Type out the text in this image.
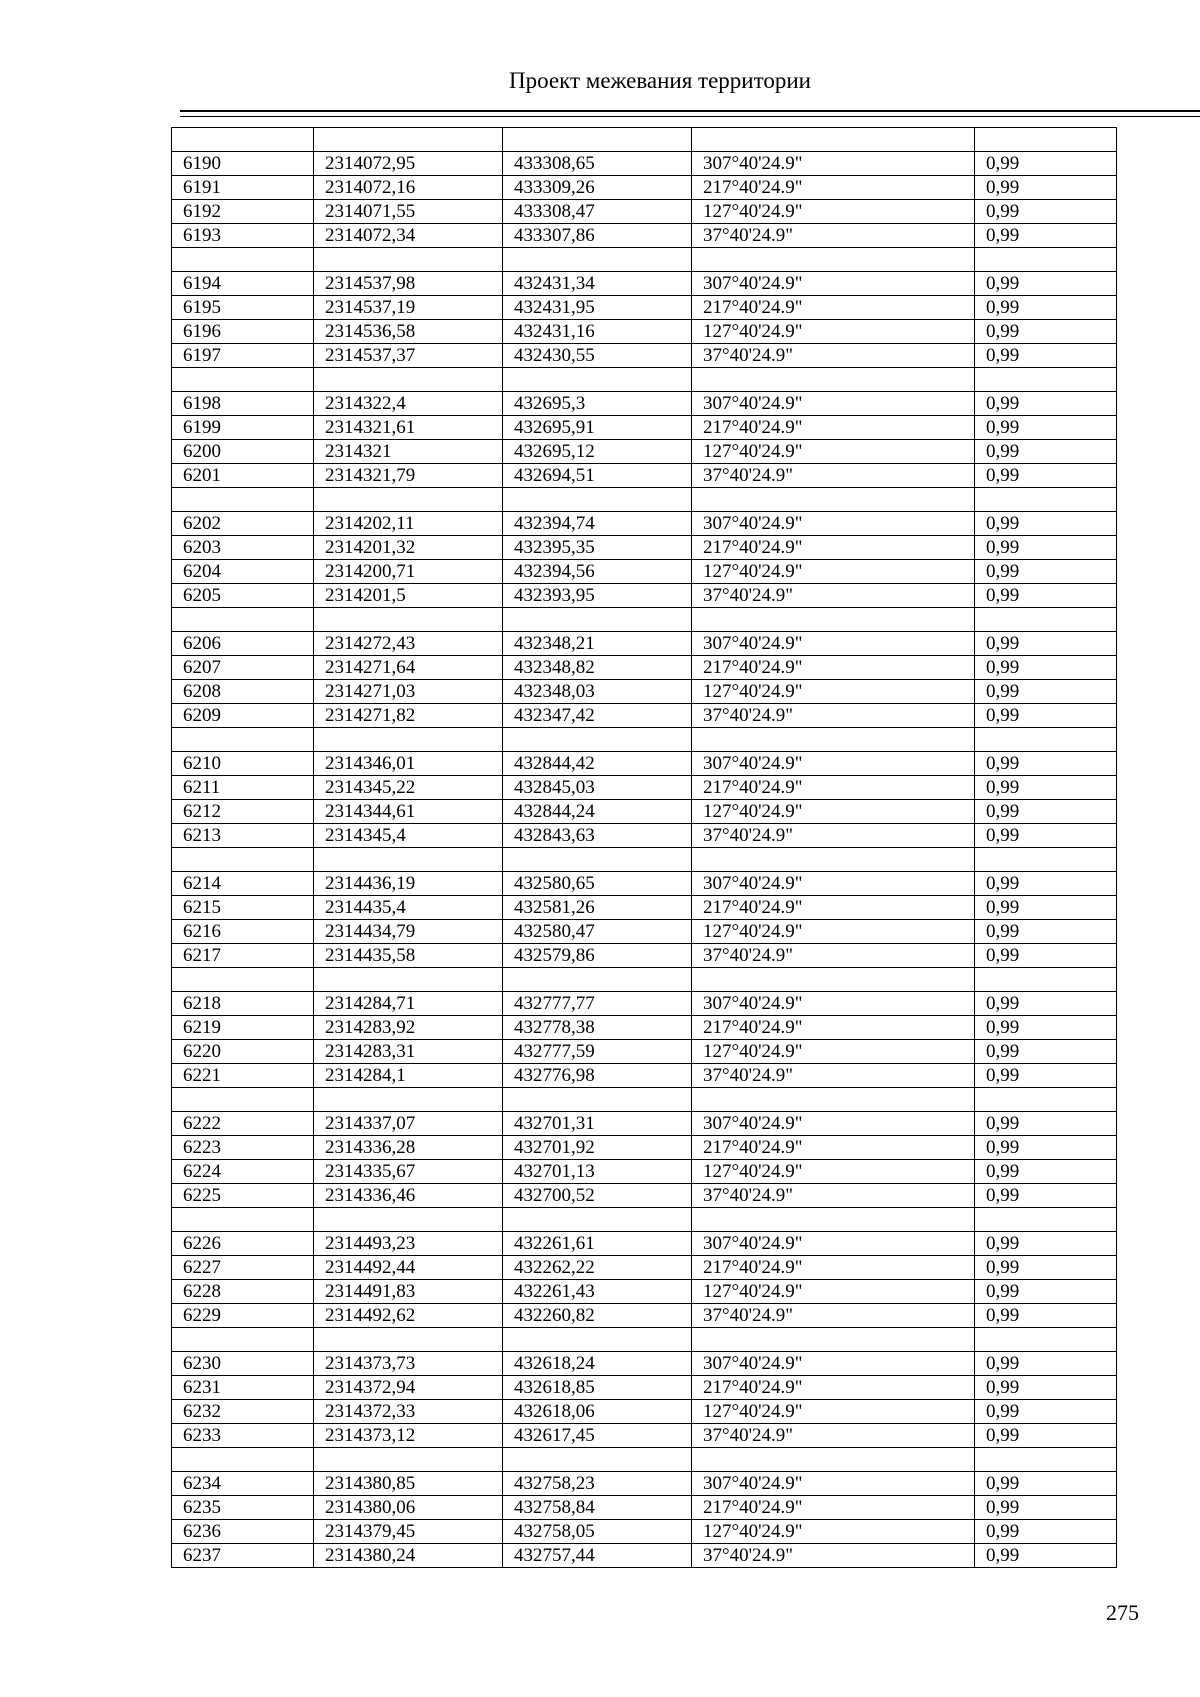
Проект межевания территории

6190	2314072,95	433308,65	307°40'24.9"	0,99
6191	2314072,16	433309,26	217°40'24.9"	0,99
6192	2314071,55	433308,47	127°40'24.9"	0,99
6193	2314072,34	433307,86	37°40'24.9"	0,99

6194	2314537,98	432431,34	307°40'24.9"	0,99
6195	2314537,19	432431,95	217°40'24.9"	0,99
6196	2314536,58	432431,16	127°40'24.9"	0,99
6197	2314537,37	432430,55	37°40'24.9"	0,99

6198	2314322,4	432695,3	307°40'24.9"	0,99
6199	2314321,61	432695,91	217°40'24.9"	0,99
6200	2314321	432695,12	127°40'24.9"	0,99
6201	2314321,79	432694,51	37°40'24.9"	0,99

6202	2314202,11	432394,74	307°40'24.9"	0,99
6203	2314201,32	432395,35	217°40'24.9"	0,99
6204	2314200,71	432394,56	127°40'24.9"	0,99
6205	2314201,5	432393,95	37°40'24.9"	0,99

6206	2314272,43	432348,21	307°40'24.9"	0,99
6207	2314271,64	432348,82	217°40'24.9"	0,99
6208	2314271,03	432348,03	127°40'24.9"	0,99
6209	2314271,82	432347,42	37°40'24.9"	0,99

6210	2314346,01	432844,42	307°40'24.9"	0,99
6211	2314345,22	432845,03	217°40'24.9"	0,99
6212	2314344,61	432844,24	127°40'24.9"	0,99
6213	2314345,4	432843,63	37°40'24.9"	0,99

6214	2314436,19	432580,65	307°40'24.9"	0,99
6215	2314435,4	432581,26	217°40'24.9"	0,99
6216	2314434,79	432580,47	127°40'24.9"	0,99
6217	2314435,58	432579,86	37°40'24.9"	0,99

6218	2314284,71	432777,77	307°40'24.9"	0,99
6219	2314283,92	432778,38	217°40'24.9"	0,99
6220	2314283,31	432777,59	127°40'24.9"	0,99
6221	2314284,1	432776,98	37°40'24.9"	0,99

6222	2314337,07	432701,31	307°40'24.9"	0,99
6223	2314336,28	432701,92	217°40'24.9"	0,99
6224	2314335,67	432701,13	127°40'24.9"	0,99
6225	2314336,46	432700,52	37°40'24.9"	0,99

6226	2314493,23	432261,61	307°40'24.9"	0,99
6227	2314492,44	432262,22	217°40'24.9"	0,99
6228	2314491,83	432261,43	127°40'24.9"	0,99
6229	2314492,62	432260,82	37°40'24.9"	0,99

6230	2314373,73	432618,24	307°40'24.9"	0,99
6231	2314372,94	432618,85	217°40'24.9"	0,99
6232	2314372,33	432618,06	127°40'24.9"	0,99
6233	2314373,12	432617,45	37°40'24.9"	0,99

6234	2314380,85	432758,23	307°40'24.9"	0,99
6235	2314380,06	432758,84	217°40'24.9"	0,99
6236	2314379,45	432758,05	127°40'24.9"	0,99
6237	2314380,24	432757,44	37°40'24.9"	0,99
275
